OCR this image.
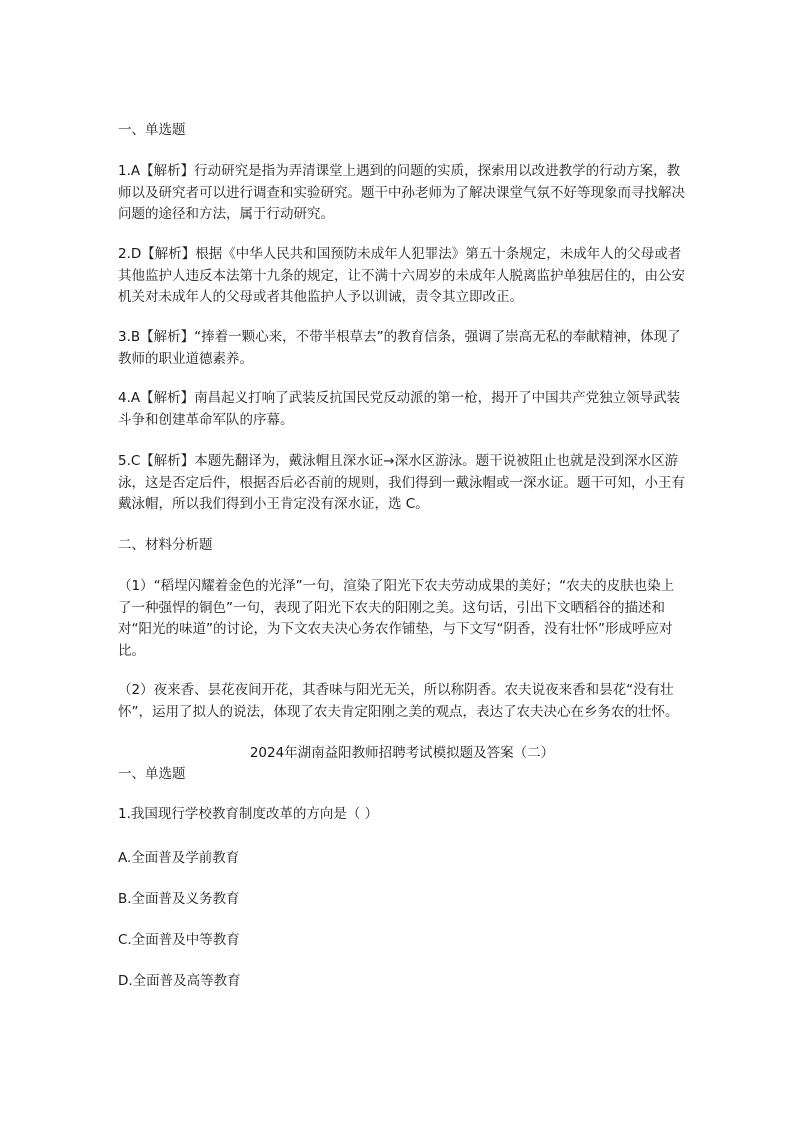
一、单选题

1.A【解析】行动研究是指为弄清课堂上遇到的问题的实质，探索用以改进教学的行动方案，教师以及研究者可以进行调查和实验研究。题干中孙老师为了解决课堂气氛不好等现象而寻找解决问题的途径和方法，属于行动研究。

2.D【解析】根据《中华人民共和国预防未成年人犯罪法》第五十条规定，未成年人的父母或者其他监护人违反本法第十九条的规定，让不满十六周岁的未成年人脱离监护单独居住的，由公安机关对未成年人的父母或者其他监护人予以训诫，责令其立即改正。

3.B【解析】“捧着一颗心来，不带半根草去”的教育信条，强调了崇高无私的奉献精神，体现了教师的职业道德素养。

4.A【解析】南昌起义打响了武装反抗国民党反动派的第一枪，揭开了中国共产党独立领导武装斗争和创建革命军队的序幕。

5.C【解析】本题先翻译为，戴泳帽且深水证→深水区游泳。题干说被阻止也就是没到深水区游泳，这是否定后件，根据否后必否前的规则，我们得到一戴泳帽或一深水证。题干可知，小王有戴泳帽，所以我们得到小王肯定没有深水证，选 C。

二、材料分析题

（1）“稻埕闪耀着金色的光泽”一句，渲染了阳光下农夫劳动成果的美好；“农夫的皮肤也染上了一种强悍的铜色”一句，表现了阳光下农夫的阳刚之美。这句话，引出下文晒稻谷的描述和对“阳光的味道”的讨论，为下文农夫决心务农作铺垫，与下文写“阴香，没有壮怀”形成呼应对比。

（2）夜来香、昙花夜间开花，其香味与阳光无关，所以称阴香。农夫说夜来香和昙花“没有壮怀”，运用了拟人的说法，体现了农夫肯定阳刚之美的观点，表达了农夫决心在乡务农的壮怀。

2024年湖南益阳教师招聘考试模拟题及答案（二）
一、单选题
1.我国现行学校教育制度改革的方向是（ ）
A.全面普及学前教育
B.全面普及义务教育
C.全面普及中等教育
D.全面普及高等教育
